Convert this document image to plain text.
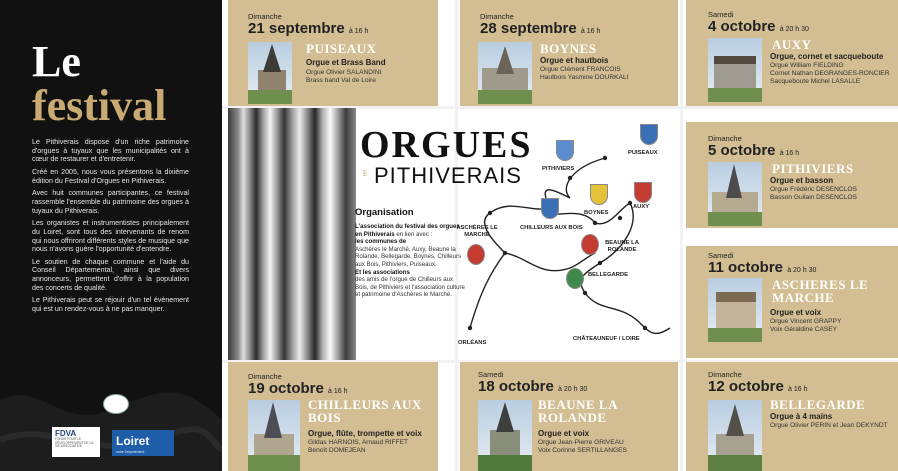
Le
festival

Le Pithiverais dispose d'un riche patrimoine d'orgues à tuyaux que les municipalités ont à cœur de restaurer et d'entretenir.

Créé en 2005, nous vous présentons la dixième édition du Festival d'Orgues en Pithiverais.

Avec huit communes participantes, ce festival rassemble l'ensemble du patrimoine des orgues à tuyaux du Pithiverais.

Les organistes et instrumentistes principalement du Loiret, sont tous des intervenants de renom qui nous offriront différents styles de musique que nous n'avons guère l'opportunité d'entendre.

Le soutien de chaque commune et l'aide du Conseil Départemental, ainsi que divers annonceurs, permettent d'offrir à la population des concerts de qualité.

Le Pithiverais peut se réjouir d'un tel évènement qui est un rendez-vous à ne pas manquer.

FDVA
FONDS POUR LE DÉVELOPPEMENT DE LA VIE ASSOCIATIVE	Loiret
notre Département
ORGUES
en PITHIVERAIS
Organisation
L'association du festival des orgues en Pithiverais en lien avec :
les communes de
Aschères le Marché, Auxy, Beaune la Rolande, Bellegarde, Boynes, Chilleurs aux Bois, Pithiviers, Puiseaux.
Et les associations
des amis de l'orgue de Chilleurs aux Bois, de Pithiviers et l'association culture et patrimoine d'Aschères le Marché.
PUISEAUX
PITHIVIERS
BOYNES
AUXY
CHILLEURS AUX BOIS
ASCHÈRES LE MARCHÉ
BEAUNE LA ROLANDE
BELLEGARDE
ORLÉANS
CHÂTEAUNEUF / LOIRE
Dimanche
21 septembre à 16 h
PUISEAUX
Orgue et Brass Band
Orgue Olivier SALANDINI
Brass band Val de Loire
Dimanche
28 septembre à 16 h
BOYNES
Orgue et hautbois
Orgue Clément FRANCOIS
Hautbois Yasmine DOURKALI
Samedi
4 octobre à 20 h 30
AUXY
Orgue, cornet et sacqueboute
Orgue William FIELDING
Cornet Nathan DEGRANGES-RONCIER
Sacqueboute Michel LASALLE
Dimanche
5 octobre à 16 h
PITHIVIERS
Orgue et basson
Orgue Frédéric DESENCLOS
Basson Guilain DESENCLOS
Samedi
11 octobre à 20 h 30
ASCHERES LE MARCHE
Orgue et voix
Orgue Vincent GRAPPY
Voix Géraldine CASEY
Dimanche
19 octobre à 16 h
CHILLEURS AUX BOIS
Orgue, flûte, trompette et voix
Gildas HARNOIS, Arnaud RIFFET
Benoît DOMEJEAN
Samedi
18 octobre à 20 h 30
BEAUNE LA ROLANDE
Orgue et voix
Orgue Jean-Pierre GRIVEAU
Voix Corinne SERTILLANGES
Dimanche
12 octobre à 16 h
BELLEGARDE
Orgue à 4 mains
Orgue Olivier PERIN et Jean DEKYNDT
